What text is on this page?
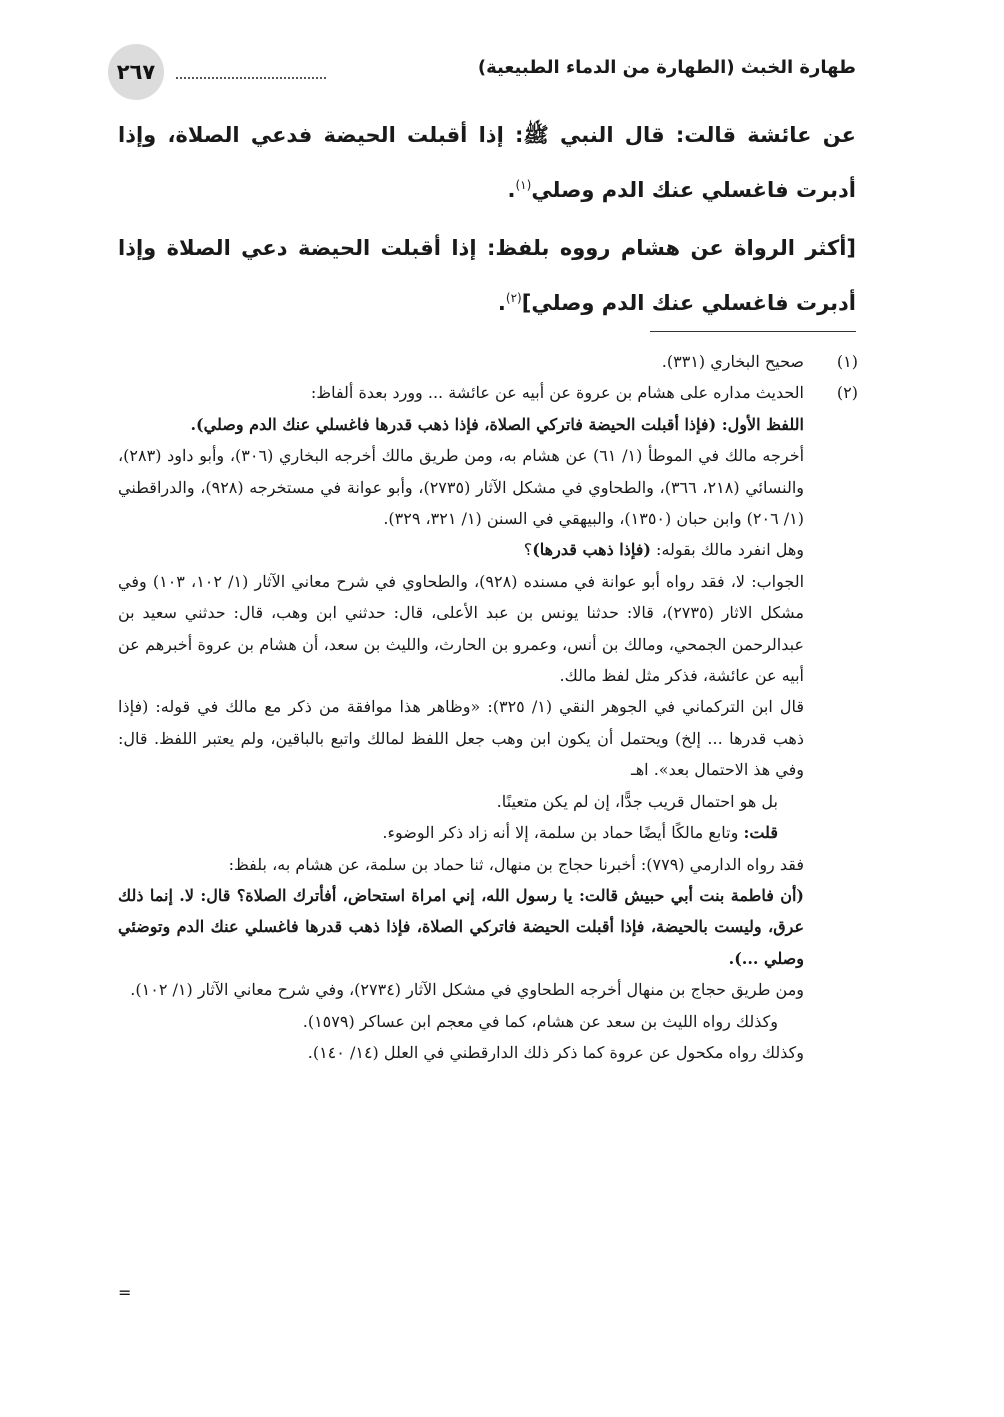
٢٦٧	طهارة الخبث (الطهارة من الدماء الطبيعية)

عن عائشة قالت: قال النبي ﷺ: إذا أقبلت الحيضة فدعي الصلاة، وإذا أدبرت فاغسلي عنك الدم وصلي$^{(١)}$.

[أكثر الرواة عن هشام رووه بلفظ: إذا أقبلت الحيضة دعي الصلاة وإذا أدبرت فاغسلي عنك الدم وصلي]$^{(٢)}$.

(١)
صحيح البخاري (٣٣١).
(٢)
الحديث مداره على هشام بن عروة عن أبيه عن عائشة ... وورد بعدة ألفاظ:
اللفظ الأول: (فإذا أقبلت الحيضة فاتركي الصلاة، فإذا ذهب قدرها فاغسلي عنك الدم وصلي).
أخرجه مالك في الموطأ (١/ ٦١) عن هشام به، ومن طريق مالك أخرجه البخاري (٣٠٦)، وأبو داود (٢٨٣)، والنسائي (٢١٨، ٣٦٦)، والطحاوي في مشكل الآثار (٢٧٣٥)، وأبو عوانة في مستخرجه (٩٢٨)، والدراقطني (١/ ٢٠٦) وابن حبان (١٣٥٠)، والبيهقي في السنن (١/ ٣٢١، ٣٢٩).
وهل انفرد مالك بقوله: (فإذا ذهب قدرها)؟
الجواب: لا، فقد رواه أبو عوانة في مسنده (٩٢٨)، والطحاوي في شرح معاني الآثار (١/ ١٠٢، ١٠٣) وفي مشكل الاثار (٢٧٣٥)، قالا: حدثنا يونس بن عبد الأعلى، قال: حدثني ابن وهب، قال: حدثني سعيد بن عبدالرحمن الجمحي، ومالك بن أنس، وعمرو بن الحارث، والليث بن سعد، أن هشام بن عروة أخبرهم عن أبيه عن عائشة، فذكر مثل لفظ مالك.
قال ابن التركماني في الجوهر النقي (١/ ٣٢٥): «وظاهر هذا موافقة من ذكر مع مالك في قوله: (فإذا ذهب قدرها ... إلخ) ويحتمل أن يكون ابن وهب جعل اللفظ لمالك واتبع بالباقين، ولم يعتبر اللفظ. قال: وفي هذ الاحتمال بعد». اهـ
بل هو احتمال قريب جدًّا، إن لم يكن متعينًا.
قلت: وتابع مالكًا أيضًا حماد بن سلمة، إلا أنه زاد ذكر الوضوء.
فقد رواه الدارمي (٧٧٩): أخبرنا حجاج بن منهال، ثنا حماد بن سلمة، عن هشام به، بلفظ:
(أن فاطمة بنت أبي حبيش قالت: يا رسول الله، إني امراة استحاض، أفأترك الصلاة؟ قال: لا. إنما ذلك عرق، وليست بالحيضة، فإذا أقبلت الحيضة فاتركي الصلاة، فإذا ذهب قدرها فاغسلي عنك الدم وتوضئي وصلي ...).
ومن طريق حجاج بن منهال أخرجه الطحاوي في مشكل الآثار (٢٧٣٤)، وفي شرح معاني الآثار (١/ ١٠٢).
وكذلك رواه الليث بن سعد عن هشام، كما في معجم ابن عساكر (١٥٧٩).
وكذلك رواه مكحول عن عروة كما ذكر ذلك الدارقطني في العلل (١٤/ ١٤٠).
=
